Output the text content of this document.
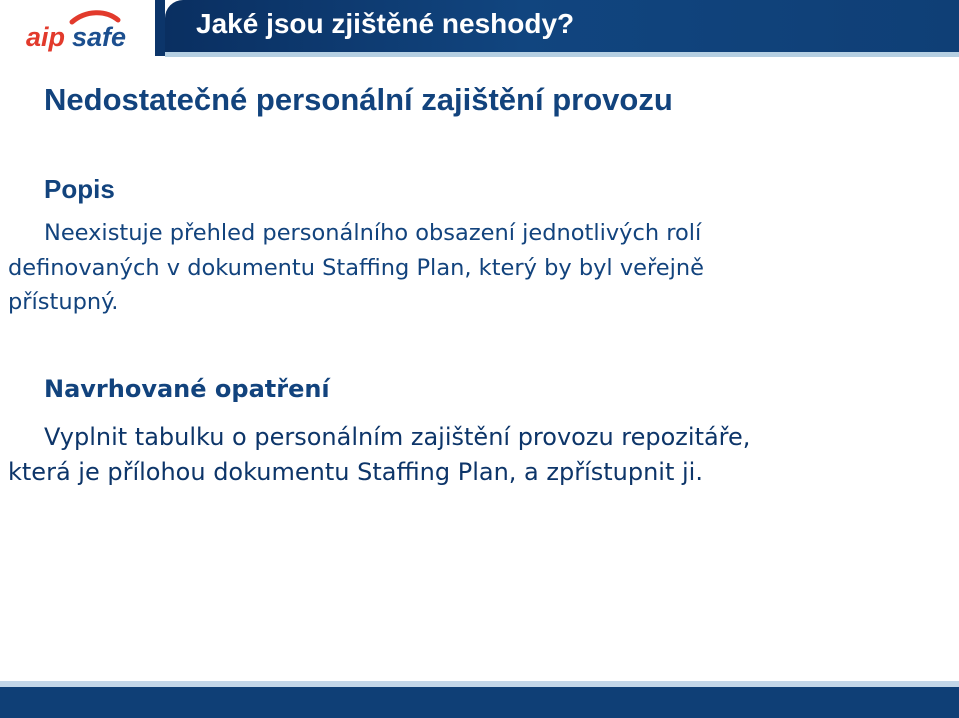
aip safe Jaké jsou zjištěné neshody?
Nedostatečné personální zajištění provozu
Popis
Neexistuje přehled personálního obsazení jednotlivých rolí
definovaných v dokumentu Staffing Plan, který by byl veřejně
přístupný.
Navrhované opatření
Vyplnit tabulku o personálním zajištění provozu repozitáře,
která je přílohou dokumentu Staffing Plan, a zpřístupnit ji.
